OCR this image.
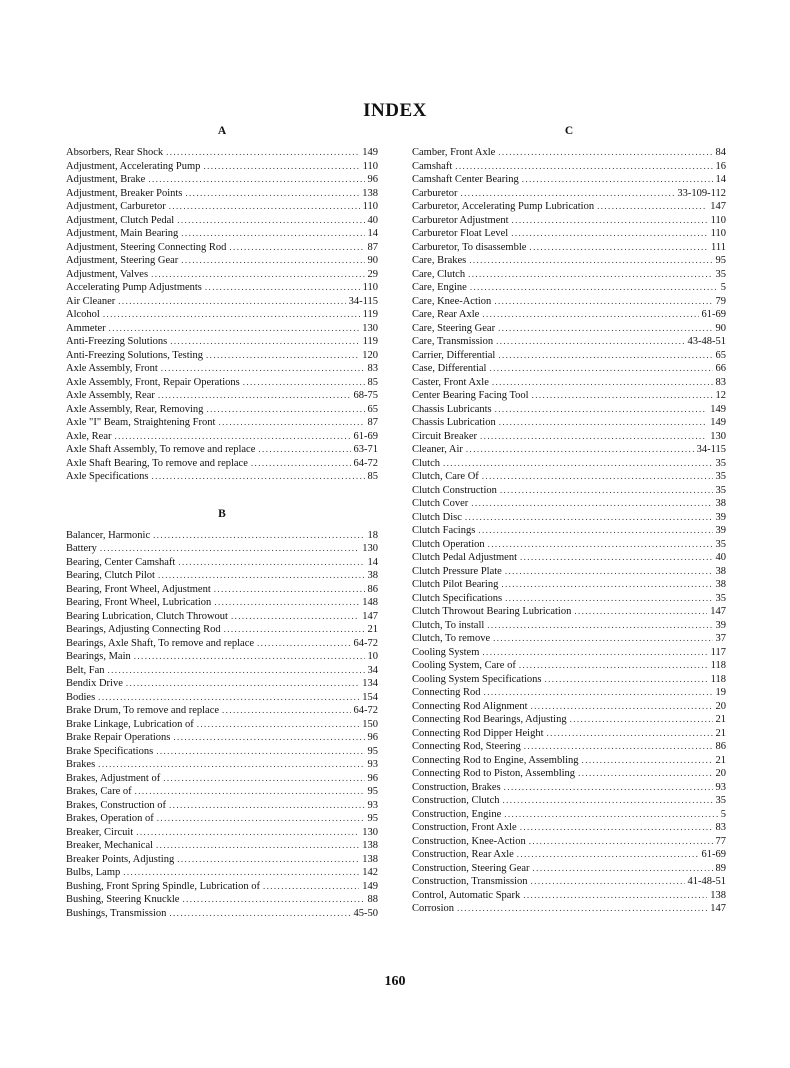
INDEX
A
Absorbers, Rear Shock .....	149
Adjustment, Accelerating Pump .....	110
Adjustment, Brake .....	96
Adjustment, Breaker Points .....	138
Adjustment, Carburetor .....	110
Adjustment, Clutch Pedal .....	40
Adjustment, Main Bearing .....	14
Adjustment, Steering Connecting Rod .....	87
Adjustment, Steering Gear .....	90
Adjustment, Valves .....	29
Accelerating Pump Adjustments .....	110
Air Cleaner .....	34-115
Alcohol .....	119
Ammeter .....	130
Anti-Freezing Solutions .....	119
Anti-Freezing Solutions, Testing .....	120
Axle Assembly, Front .....	83
Axle Assembly, Front, Repair Operations .....	85
Axle Assembly, Rear .....	68-75
Axle Assembly, Rear, Removing .....	65
Axle "I" Beam, Straightening Front .....	87
Axle, Rear .....	61-69
Axle Shaft Assembly, To remove and replace .....	63-71
Axle Shaft Bearing, To remove and replace .....	64-72
Axle Specifications .....	85
B
Balancer, Harmonic .....	18
Battery .....	130
Bearing, Center Camshaft .....	14
Bearing, Clutch Pilot .....	38
Bearing, Front Wheel, Adjustment .....	86
Bearing, Front Wheel, Lubrication .....	148
Bearing Lubrication, Clutch Throwout .....	147
Bearings, Adjusting Connecting Rod .....	21
Bearings, Axle Shaft, To remove and replace .....	64-72
Bearings, Main .....	10
Belt, Fan .....	34
Bendix Drive .....	134
Bodies .....	154
Brake Drum, To remove and replace .....	64-72
Brake Linkage, Lubrication of .....	150
Brake Repair Operations .....	96
Brake Specifications .....	95
Brakes .....	93
Brakes, Adjustment of .....	96
Brakes, Care of .....	95
Brakes, Construction of .....	93
Brakes, Operation of .....	95
Breaker, Circuit .....	130
Breaker, Mechanical .....	138
Breaker Points, Adjusting .....	138
Bulbs, Lamp .....	142
Bushing, Front Spring Spindle, Lubrication of .....	149
Bushing, Steering Knuckle .....	88
Bushings, Transmission .....	45-50
C
Camber, Front Axle .....	84
Camshaft .....	16
Camshaft Center Bearing .....	14
Carburetor .....	33-109-112
Carburetor, Accelerating Pump Lubrication .....	147
Carburetor Adjustment .....	110
Carburetor Float Level .....	110
Carburetor, To disassemble .....	111
Care, Brakes .....	95
Care, Clutch .....	35
Care, Engine .....	5
Care, Knee-Action .....	79
Care, Rear Axle .....	61-69
Care, Steering Gear .....	90
Care, Transmission .....	43-48-51
Carrier, Differential .....	65
Case, Differential .....	66
Caster, Front Axle .....	83
Center Bearing Facing Tool .....	12
Chassis Lubricants .....	149
Chassis Lubrication .....	149
Circuit Breaker .....	130
Cleaner, Air .....	34-115
Clutch .....	35
Clutch, Care Of .....	35
Clutch Construction .....	35
Clutch Cover .....	38
Clutch Disc .....	39
Clutch Facings .....	39
Clutch Operation .....	35
Clutch Pedal Adjustment .....	40
Clutch Pressure Plate .....	38
Clutch Pilot Bearing .....	38
Clutch Specifications .....	35
Clutch Throwout Bearing Lubrication .....	147
Clutch, To install .....	39
Clutch, To remove .....	37
Cooling System .....	117
Cooling System, Care of .....	118
Cooling System Specifications .....	118
Connecting Rod .....	19
Connecting Rod Alignment .....	20
Connecting Rod Bearings, Adjusting .....	21
Connecting Rod Dipper Height .....	21
Connecting Rod, Steering .....	86
Connecting Rod to Engine, Assembling .....	21
Connecting Rod to Piston, Assembling .....	20
Construction, Brakes .....	93
Construction, Clutch .....	35
Construction, Engine .....	5
Construction, Front Axle .....	83
Construction, Knee-Action .....	77
Construction, Rear Axle .....	61-69
Construction, Steering Gear .....	89
Construction, Transmission .....	41-48-51
Control, Automatic Spark .....	138
Corrosion .....	147
160
